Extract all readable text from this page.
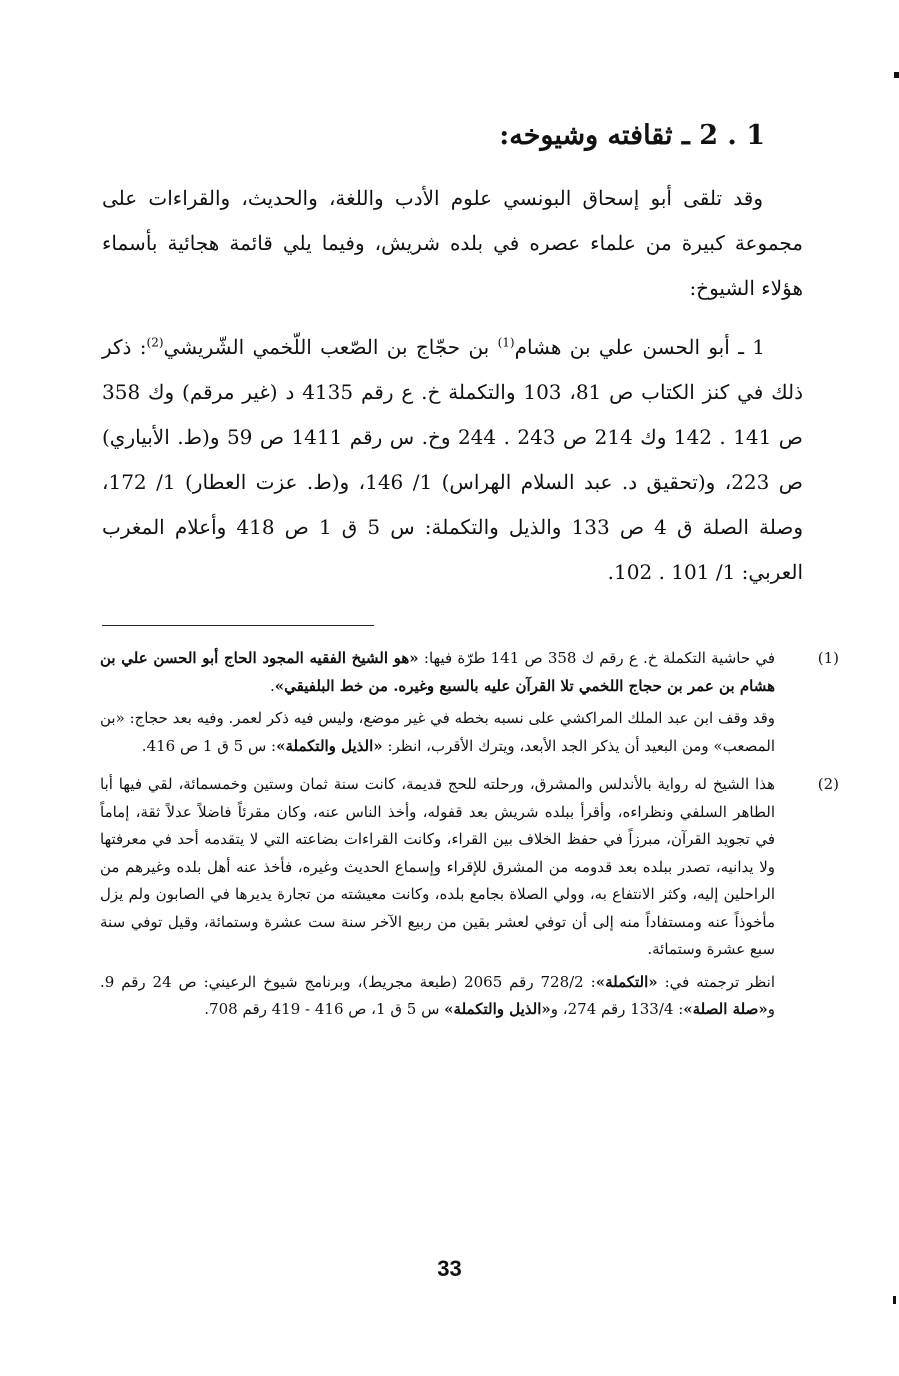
1 . 2 ـ ثقافته وشيوخه:

وقد تلقى أبو إسحاق البونسي علوم الأدب واللغة، والحديث، والقراءات على مجموعة كبيرة من علماء عصره في بلده شريش، وفيما يلي قائمة هجائية بأسماء هؤلاء الشيوخ:

1 ـ أبو الحسن علي بن هشام$^{(1)}$ بن حجّاج بن الصّعب اللّخمي الشّريشي$^{(2)}$: ذكر ذلك في كنز الكتاب ص 81، 103 والتكملة خ. ع رقم 4135 د (غير مرقم) وك 358 ص 141 . 142 وك 214 ص 243 . 244 وخ. س رقم 1411 ص 59 و(ط. الأبياري) ص 223، و(تحقيق د. عبد السلام الهراس) 1/ 146، و(ط. عزت العطار) 1/ 172، وصلة الصلة ق 4 ص 133 والذيل والتكملة: س 5 ق 1 ص 418 وأعلام المغرب العربي: 1/ 101 . 102.

(1)

في حاشية التكملة خ. ع رقم ك 358 ص 141 طرّة فيها: «هو الشيخ الفقيه المجود الحاج أبو الحسن علي بن هشام بن عمر بن حجاج اللخمي تلا القرآن عليه بالسبع وغيره. من خط البلفيقي».

وقد وقف ابن عبد الملك المراكشي على نسبه بخطه في غير موضع، وليس فيه ذكر لعمر. وفيه بعد حجاج: «بن المصعب» ومن البعيد أن يذكر الجد الأبعد، ويترك الأقرب، انظر: «الذيل والتكملة»: س 5 ق 1 ص 416.

(2)

هذا الشيخ له رواية بالأندلس والمشرق، ورحلته للحج قديمة، كانت سنة ثمان وستين وخمسمائة، لقي فيها أبا الطاهر السلفي ونظراءه، وأقرأ ببلده شريش بعد قفوله، وأخذ الناس عنه، وكان مقرئاً فاضلاً عدلاً ثقة، إماماً في تجويد القرآن، مبرزاً في حفظ الخلاف بين القراء، وكانت القراءات بضاعته التي لا يتقدمه أحد في معرفتها ولا يدانيه، تصدر ببلده بعد قدومه من المشرق للإقراء وإسماع الحديث وغيره، فأخذ عنه أهل بلده وغيرهم من الراحلين إليه، وكثر الانتفاع به، وولي الصلاة بجامع بلده، وكانت معيشته من تجارة يديرها في الصابون ولم يزل مأخوذاً عنه ومستفاداً منه إلى أن توفي لعشر بقين من ربيع الآخر سنة ست عشرة وستمائة، وقيل توفي سنة سبع عشرة وستمائة.

انظر ترجمته في: «التكملة»: 728/2 رقم 2065 (طبعة مجريط)، وبرنامج شيوخ الرعيني: ص 24 رقم 9. و«صلة الصلة»: 133/4 رقم 274، و«الذيل والتكملة» س 5 ق 1، ص 416 - 419 رقم 708.

33
